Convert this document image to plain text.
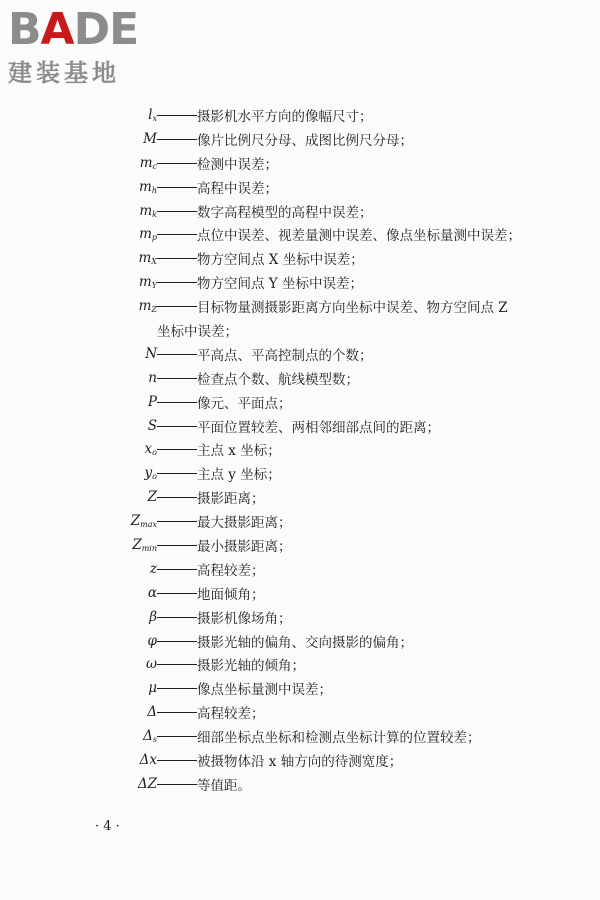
BADE
建装基地
$l_x$	摄影机水平方向的像幅尺寸；
M	像片比例尺分母、成图比例尺分母；
$m_c$	检测中误差；
$m_h$	高程中误差；
$m_k$	数字高程模型的高程中误差；
$m_p$	点位中误差、视差量测中误差、像点坐标量测中误差；
$m_X$	物方空间点 X 坐标中误差；
$m_Y$	物方空间点 Y 坐标中误差；
$m_Z$	目标物量测摄影距离方向坐标中误差、物方空间点 Z
坐标中误差；
N	平高点、平高控制点的个数；
n	检查点个数、航线模型数；
P	像元、平面点；
S	平面位置较差、两相邻细部点间的距离；
$x_o$	主点 x 坐标；
$y_o$	主点 y 坐标；
Z	摄影距离；
$Z_{max}$	最大摄影距离；
$Z_{min}$	最小摄影距离；
z	高程较差；
α	地面倾角；
β	摄影机像场角；
φ	摄影光轴的偏角、交向摄影的偏角；
ω	摄影光轴的倾角；
μ	像点坐标量测中误差；
Δ	高程较差；
$\Delta_s$	细部坐标点坐标和检测点坐标计算的位置较差；
Δx	被摄物体沿 x 轴方向的待测宽度；
ΔZ	等值距。
· 4 ·
